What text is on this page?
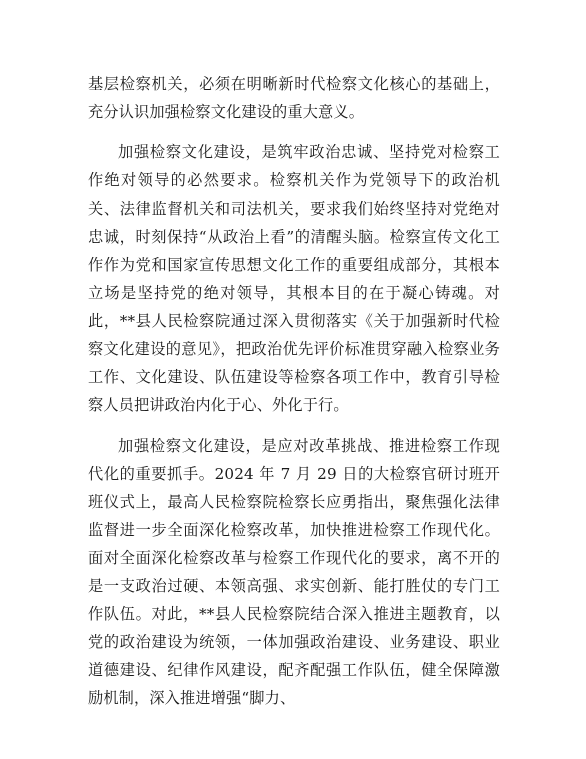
基层检察机关，必须在明晰新时代检察文化核心的基础上，充分认识加强检察文化建设的重大意义。

加强检察文化建设，是筑牢政治忠诚、坚持党对检察工作绝对领导的必然要求。检察机关作为党领导下的政治机关、法律监督机关和司法机关，要求我们始终坚持对党绝对忠诚，时刻保持“从政治上看”的清醒头脑。检察宣传文化工作作为党和国家宣传思想文化工作的重要组成部分，其根本立场是坚持党的绝对领导，其根本目的在于凝心铸魂。对此，**县人民检察院通过深入贯彻落实《关于加强新时代检察文化建设的意见》，把政治优先评价标准贯穿融入检察业务工作、文化建设、队伍建设等检察各项工作中，教育引导检察人员把讲政治内化于心、外化于行。

加强检察文化建设，是应对改革挑战、推进检察工作现代化的重要抓手。2024 年 7 月 29 日的大检察官研讨班开班仪式上，最高人民检察院检察长应勇指出，聚焦强化法律监督进一步全面深化检察改革，加快推进检察工作现代化。面对全面深化检察改革与检察工作现代化的要求，离不开的是一支政治过硬、本领高强、求实创新、能打胜仗的专门工作队伍。对此，**县人民检察院结合深入推进主题教育，以党的政治建设为统领，一体加强政治建设、业务建设、职业道德建设、纪律作风建设，配齐配强工作队伍，健全保障激励机制，深入推进增强“脚力、
